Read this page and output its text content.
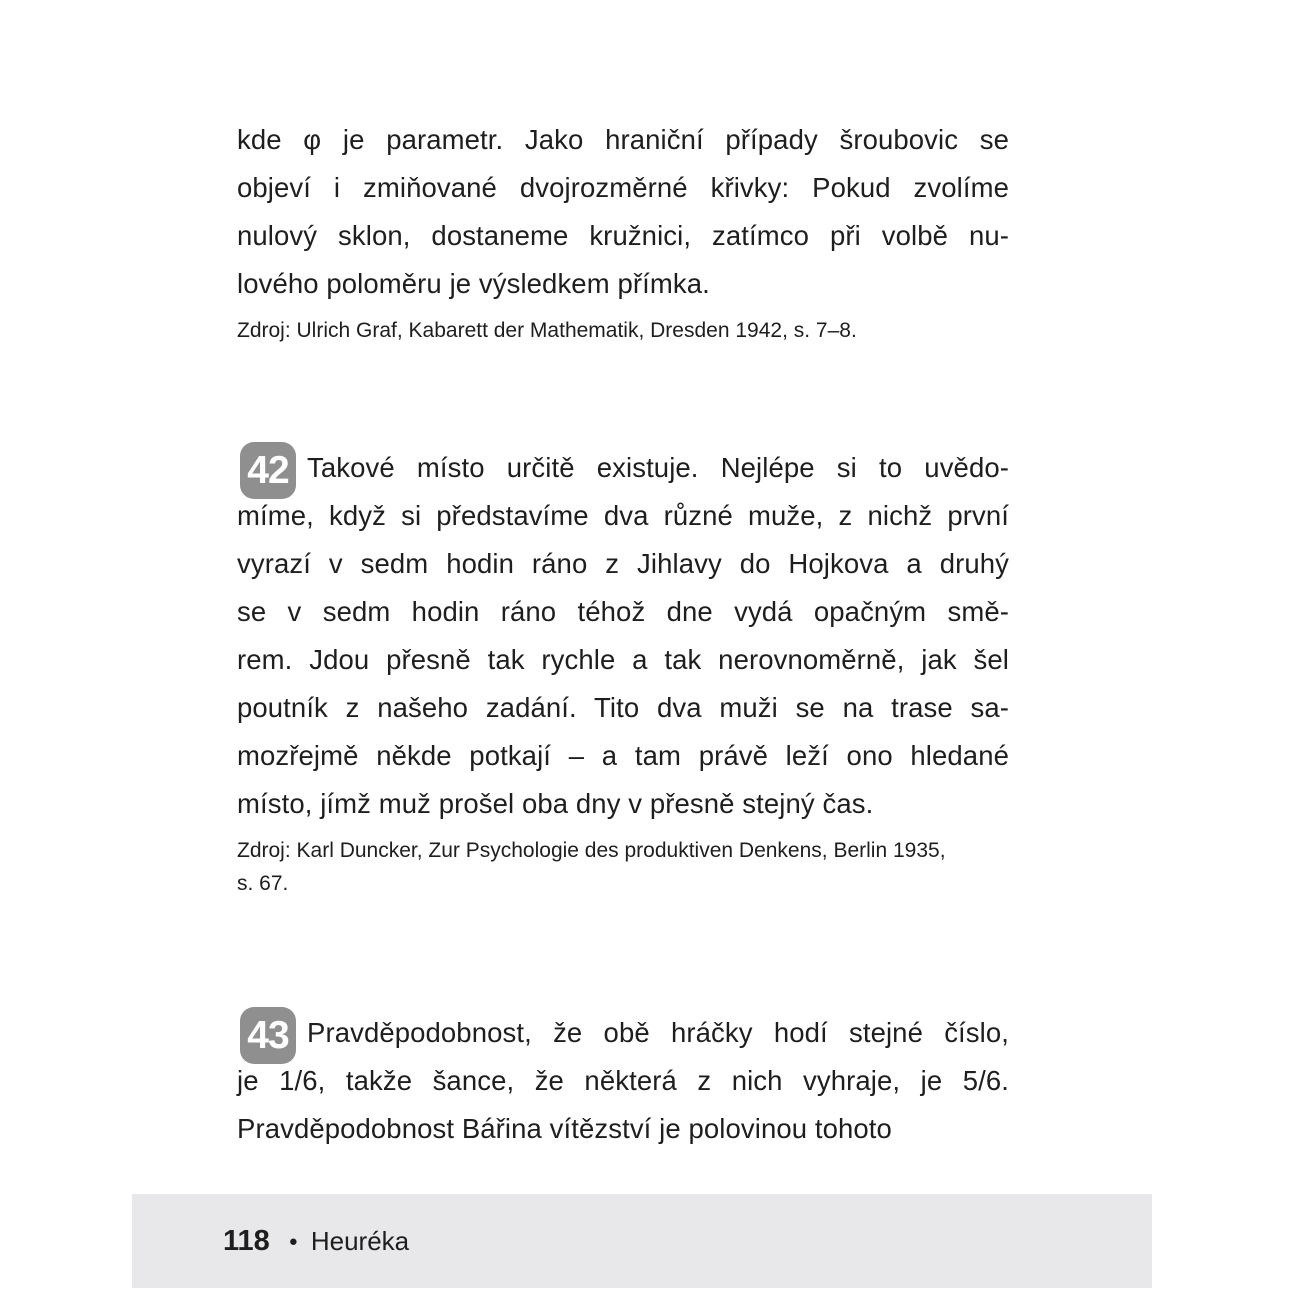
kde φ je parametr. Jako hraniční případy šroubovic se
objeví i zmiňované dvojrozměrné křivky: Pokud zvolíme
nulový sklon, dostaneme kružnici, zatímco při volbě nu-
lového poloměru je výsledkem přímka.
Zdroj: Ulrich Graf, Kabarett der Mathematik, Dresden 1942, s. 7–8.
42 Takové místo určitě existuje. Nejlépe si to uvědo-
míme, když si představíme dva různé muže, z nichž první
vyrazí v sedm hodin ráno z Jihlavy do Hojkova a druhý
se v sedm hodin ráno téhož dne vydá opačným smě-
rem. Jdou přesně tak rychle a tak nerovnoměrně, jak šel
poutník z našeho zadání. Tito dva muži se na trase sa-
mozřejmě někde potkají – a tam právě leží ono hledané
místo, jímž muž prošel oba dny v přesně stejný čas.
Zdroj: Karl Duncker, Zur Psychologie des produktiven Denkens, Berlin 1935,
s. 67.
43 Pravděpodobnost, že obě hráčky hodí stejné číslo,
je 1/6, takže šance, že některá z nich vyhraje, je 5/6.
Pravděpodobnost Bářina vítězství je polovinou tohoto
118 ● Heuréka
